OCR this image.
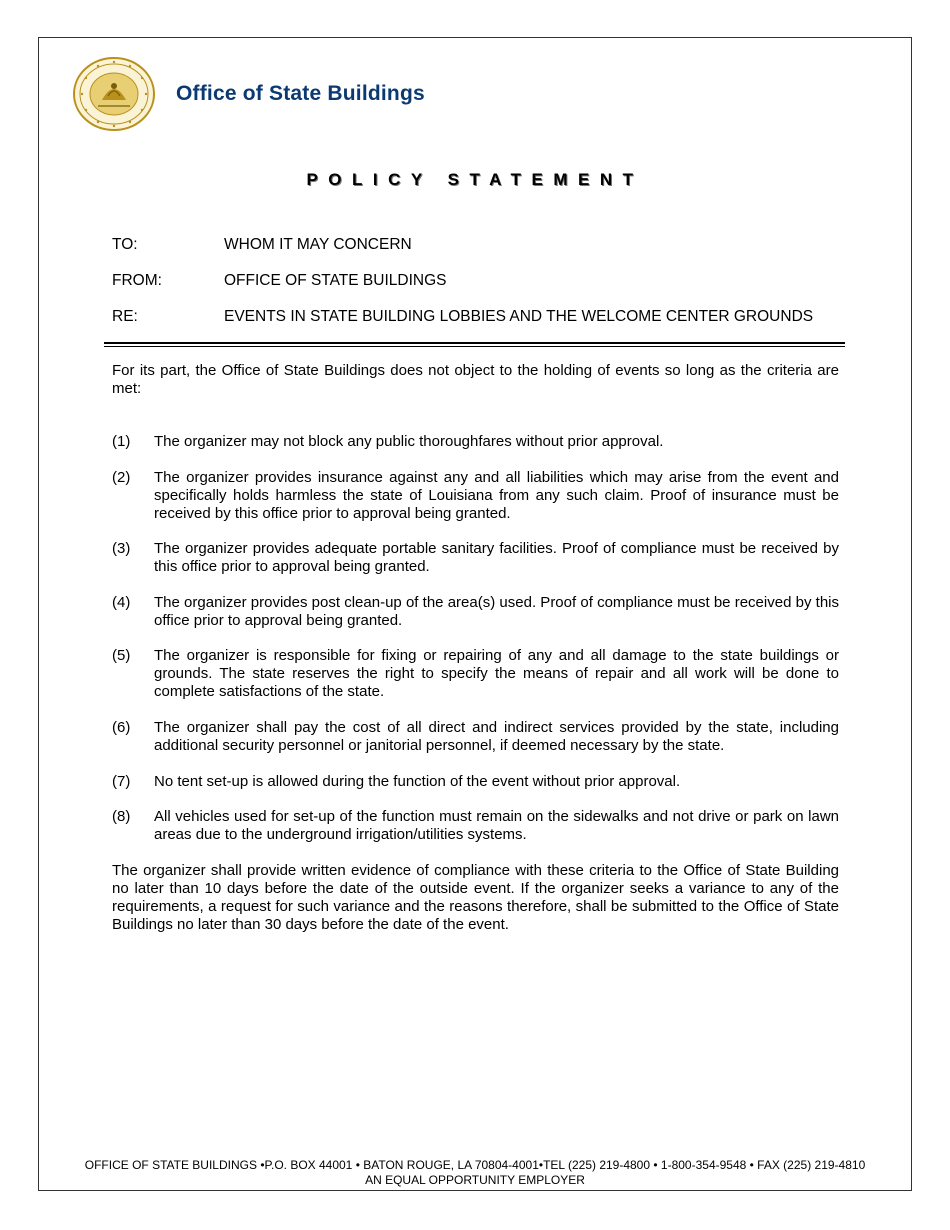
Office of State Buildings
POLICY STATEMENT
TO:	WHOM IT MAY CONCERN
FROM:	OFFICE OF STATE BUILDINGS
RE:	EVENTS IN STATE BUILDING LOBBIES AND THE WELCOME CENTER GROUNDS
For its part, the Office of State Buildings does not object to the holding of events so long as the criteria are met:
(1) The organizer may not block any public thoroughfares without prior approval.
(2) The organizer provides insurance against any and all liabilities which may arise from the event and specifically holds harmless the state of Louisiana from any such claim. Proof of insurance must be received by this office prior to approval being granted.
(3) The organizer provides adequate portable sanitary facilities. Proof of compliance must be received by this office prior to approval being granted.
(4) The organizer provides post clean-up of the area(s) used. Proof of compliance must be received by this office prior to approval being granted.
(5) The organizer is responsible for fixing or repairing of any and all damage to the state buildings or grounds. The state reserves the right to specify the means of repair and all work will be done to complete satisfactions of the state.
(6) The organizer shall pay the cost of all direct and indirect services provided by the state, including additional security personnel or janitorial personnel, if deemed necessary by the state.
(7) No tent set-up is allowed during the function of the event without prior approval.
(8) All vehicles used for set-up of the function must remain on the sidewalks and not drive or park on lawn areas due to the underground irrigation/utilities systems.
The organizer shall provide written evidence of compliance with these criteria to the Office of State Building no later than 10 days before the date of the outside event. If the organizer seeks a variance to any of the requirements, a request for such variance and the reasons therefore, shall be submitted to the Office of State Buildings no later than 30 days before the date of the event.
OFFICE OF STATE BUILDINGS •P.O. BOX 44001 • BATON ROUGE, LA 70804-4001•TEL (225) 219-4800 • 1-800-354-9548 • FAX (225) 219-4810
AN EQUAL OPPORTUNITY EMPLOYER
